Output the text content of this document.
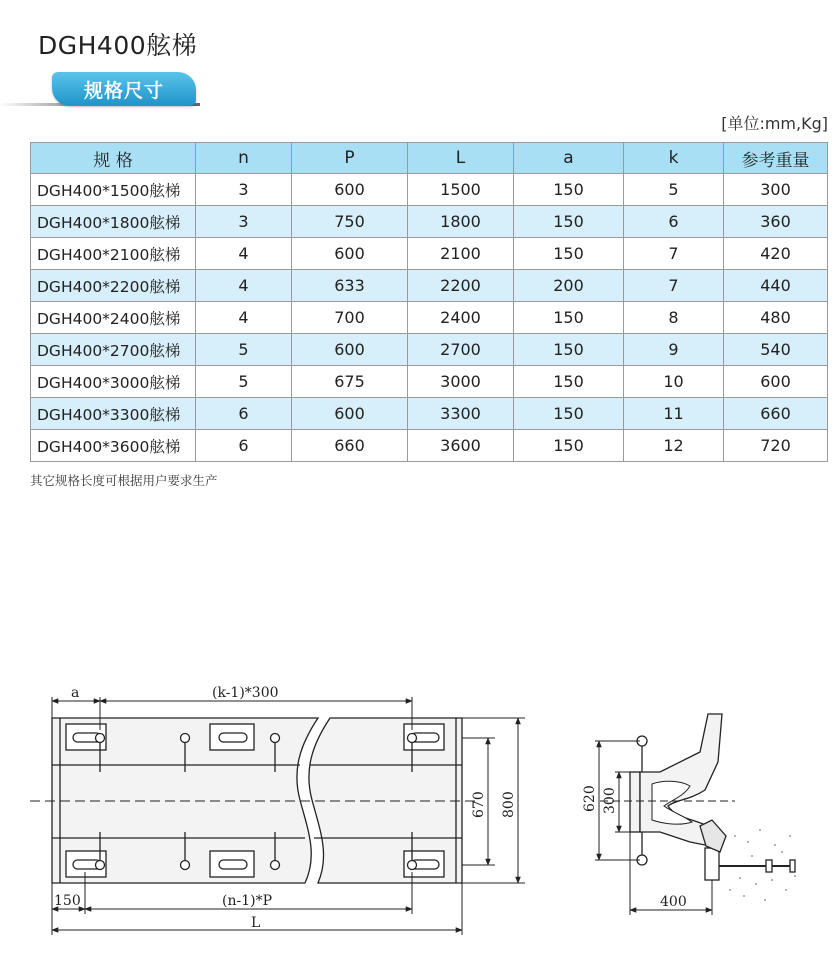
DGH400舷梯
规格尺寸
[单位:mm,Kg]
规 格	n	P	L	a	k	参考重量
DGH400*1500舷梯	3	600	1500	150	5	300
DGH400*1800舷梯	3	750	1800	150	6	360
DGH400*2100舷梯	4	600	2100	150	7	420
DGH400*2200舷梯	4	633	2200	200	7	440
DGH400*2400舷梯	4	700	2400	150	8	480
DGH400*2700舷梯	5	600	2700	150	9	540
DGH400*3000舷梯	5	675	3000	150	10	600
DGH400*3300舷梯	6	600	3300	150	11	660
DGH400*3600舷梯	6	660	3600	150	12	720
其它规格长度可根据用户要求生产
a	(k-1)*300
670 800
150	(n-1)*P
L
620 300
400
